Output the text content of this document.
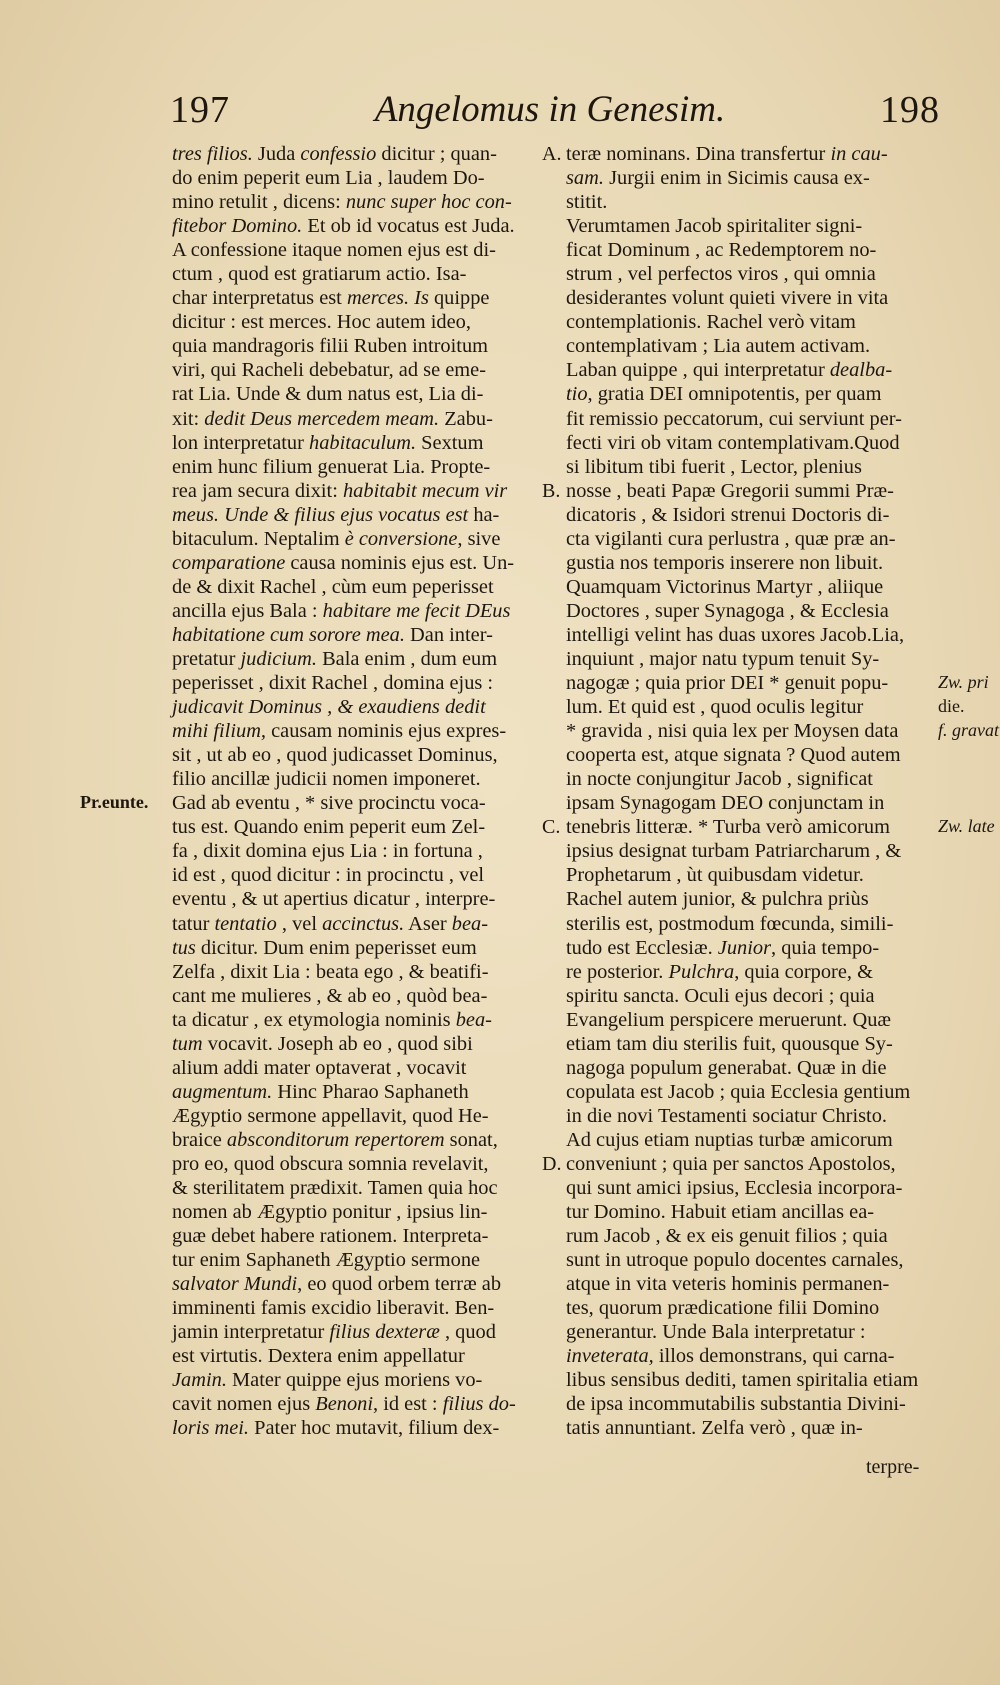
197	Angelomus in Genesim.	198
tres filios. Juda confessio dicitur ; quan-
do enim peperit eum Lia , laudem Do-
mino retulit , dicens: nunc super hoc con-
fitebor Domino. Et ob id vocatus est Juda.
A confessione itaque nomen ejus est di-
ctum , quod est gratiarum actio. Isa-
char interpretatus est merces. Is quippe
dicitur : est merces. Hoc autem ideo,
quia mandragoris filii Ruben introitum
viri, qui Racheli debebatur, ad se eme-
rat Lia. Unde & dum natus est, Lia di-
xit: dedit Deus mercedem meam. Zabu-
lon interpretatur habitaculum. Sextum
enim hunc filium genuerat Lia. Propte-
rea jam secura dixit: habitabit mecum vir
meus. Unde & filius ejus vocatus est ha-
bitaculum. Neptalim è conversione, sive
comparatione causa nominis ejus est. Un-
de & dixit Rachel , cùm eum peperisset
ancilla ejus Bala : habitare me fecit DEus
habitatione cum sorore mea. Dan inter-
pretatur judicium. Bala enim , dum eum
peperisset , dixit Rachel , domina ejus :
judicavit Dominus , & exaudiens dedit
mihi filium, causam nominis ejus expres-
sit , ut ab eo , quod judicasset Dominus,
filio ancillæ judicii nomen imponeret.
Gad ab eventu , * sive procinctu voca-
tus est. Quando enim peperit eum Zel-
fa , dixit domina ejus Lia : in fortuna ,
id est , quod dicitur : in procinctu , vel
eventu , & ut apertius dicatur , interpre-
tatur tentatio , vel accinctus. Aser bea-
tus dicitur. Dum enim peperisset eum
Zelfa , dixit Lia : beata ego , & beatifi-
cant me mulieres , & ab eo , quòd bea-
ta dicatur , ex etymologia nominis bea-
tum vocavit. Joseph ab eo , quod sibi
alium addi mater optaverat , vocavit
augmentum. Hinc Pharao Saphaneth
Ægyptio sermone appellavit, quod He-
braice absconditorum repertorem sonat,
pro eo, quod obscura somnia revelavit,
& sterilitatem prædixit. Tamen quia hoc
nomen ab Ægyptio ponitur , ipsius lin-
guæ debet habere rationem. Interpreta-
tur enim Saphaneth Ægyptio sermone
salvator Mundi, eo quod orbem terræ ab
imminenti famis excidio liberavit. Ben-
jamin interpretatur filius dexteræ , quod
est virtutis. Dextera enim appellatur
Jamin. Mater quippe ejus moriens vo-
cavit nomen ejus Benoni, id est : filius do-
loris mei. Pater hoc mutavit, filium dex-
teræ nominans. Dina transfertur in cau-
sam. Jurgii enim in Sicimis causa ex-
stitit.
Verumtamen Jacob spiritaliter signi-
ficat Dominum , ac Redemptorem no-
strum , vel perfectos viros , qui omnia
desiderantes volunt quieti vivere in vita
contemplationis. Rachel verò vitam
contemplativam ; Lia autem activam.
Laban quippe , qui interpretatur dealba-
tio, gratia DEI omnipotentis, per quam
fit remissio peccatorum, cui serviunt per-
fecti viri ob vitam contemplativam.Quod
si libitum tibi fuerit , Lector, plenius
nosse , beati Papæ Gregorii summi Præ-
dicatoris , & Isidori strenui Doctoris di-
cta vigilanti cura perlustra , quæ præ an-
gustia nos temporis inserere non libuit.
Quamquam Victorinus Martyr , aliique
Doctores , super Synagoga , & Ecclesia
intelligi velint has duas uxores Jacob.Lia,
inquiunt , major natu typum tenuit Sy-
nagogæ ; quia prior DEI * genuit popu-
lum. Et quid est , quod oculis legitur
* gravida , nisi quia lex per Moysen data
cooperta est, atque signata ? Quod autem
in nocte conjungitur Jacob , significat
ipsam Synagogam DEO conjunctam in
tenebris litteræ. * Turba verò amicorum
ipsius designat turbam Patriarcharum , &
Prophetarum , ùt quibusdam videtur.
Rachel autem junior, & pulchra priùs
sterilis est, postmodum fœcunda, simili-
tudo est Ecclesiæ. Junior, quia tempo-
re posterior. Pulchra, quia corpore, &
spiritu sancta. Oculi ejus decori ; quia
Evangelium perspicere meruerunt. Quæ
etiam tam diu sterilis fuit, quousque Sy-
nagoga populum generabat. Quæ in die
copulata est Jacob ; quia Ecclesia gentium
in die novi Testamenti sociatur Christo.
Ad cujus etiam nuptias turbæ amicorum
conveniunt ; quia per sanctos Apostolos,
qui sunt amici ipsius, Ecclesia incorpora-
tur Domino. Habuit etiam ancillas ea-
rum Jacob , & ex eis genuit filios ; quia
sunt in utroque populo docentes carnales,
atque in vita veteris hominis permanen-
tes, quorum prædicatione filii Domino
generantur. Unde Bala interpretatur :
inveterata, illos demonstrans, qui carna-
libus sensibus dediti, tamen spiritalia etiam
de ipsa incommutabilis substantia Divini-
tatis annuntiant. Zelfa verò , quæ in-
A.
B.
C.
D.
Pr.eunte.
Zw. pri
die.
f. gravat
Zw. late
terpre-
